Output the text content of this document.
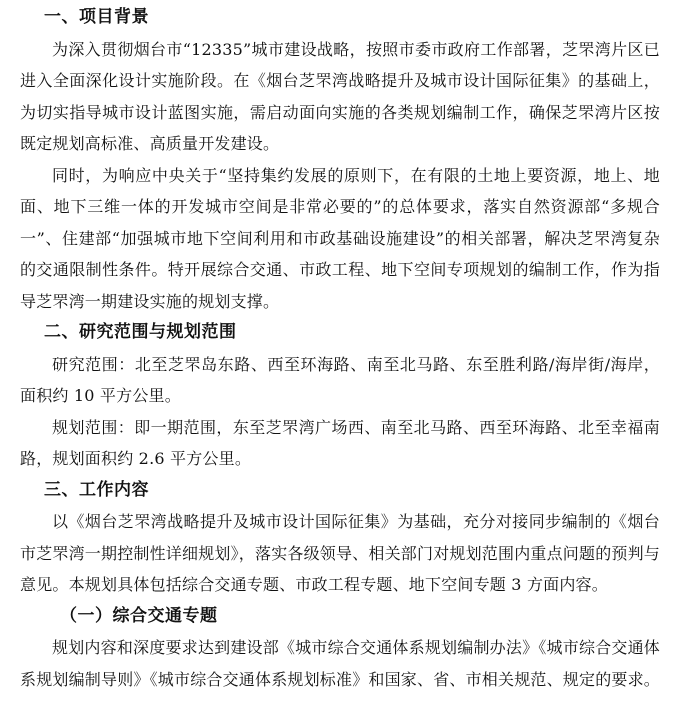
一、项目背景

为深入贯彻烟台市“12335”城市建设战略，按照市委市政府工作部署，芝罘湾片区已进入全面深化设计实施阶段。在《烟台芝罘湾战略提升及城市设计国际征集》的基础上，为切实指导城市设计蓝图实施，需启动面向实施的各类规划编制工作，确保芝罘湾片区按既定规划高标准、高质量开发建设。

同时，为响应中央关于“坚持集约发展的原则下，在有限的土地上要资源，地上、地面、地下三维一体的开发城市空间是非常必要的”的总体要求，落实自然资源部“多规合一”、住建部“加强城市地下空间利用和市政基础设施建设”的相关部署，解决芝罘湾复杂的交通限制性条件。特开展综合交通、市政工程、地下空间专项规划的编制工作，作为指导芝罘湾一期建设实施的规划支撑。

二、研究范围与规划范围

研究范围：北至芝罘岛东路、西至环海路、南至北马路、东至胜利路/海岸街/海岸，面积约 10 平方公里。

规划范围：即一期范围，东至芝罘湾广场西、南至北马路、西至环海路、北至幸福南路，规划面积约 2.6 平方公里。

三、工作内容

以《烟台芝罘湾战略提升及城市设计国际征集》为基础，充分对接同步编制的《烟台市芝罘湾一期控制性详细规划》，落实各级领导、相关部门对规划范围内重点问题的预判与意见。本规划具体包括综合交通专题、市政工程专题、地下空间专题 3 方面内容。

（一）综合交通专题

规划内容和深度要求达到建设部《城市综合交通体系规划编制办法》《城市综合交通体系规划编制导则》《城市综合交通体系规划标准》和国家、省、市相关规范、规定的要求。
